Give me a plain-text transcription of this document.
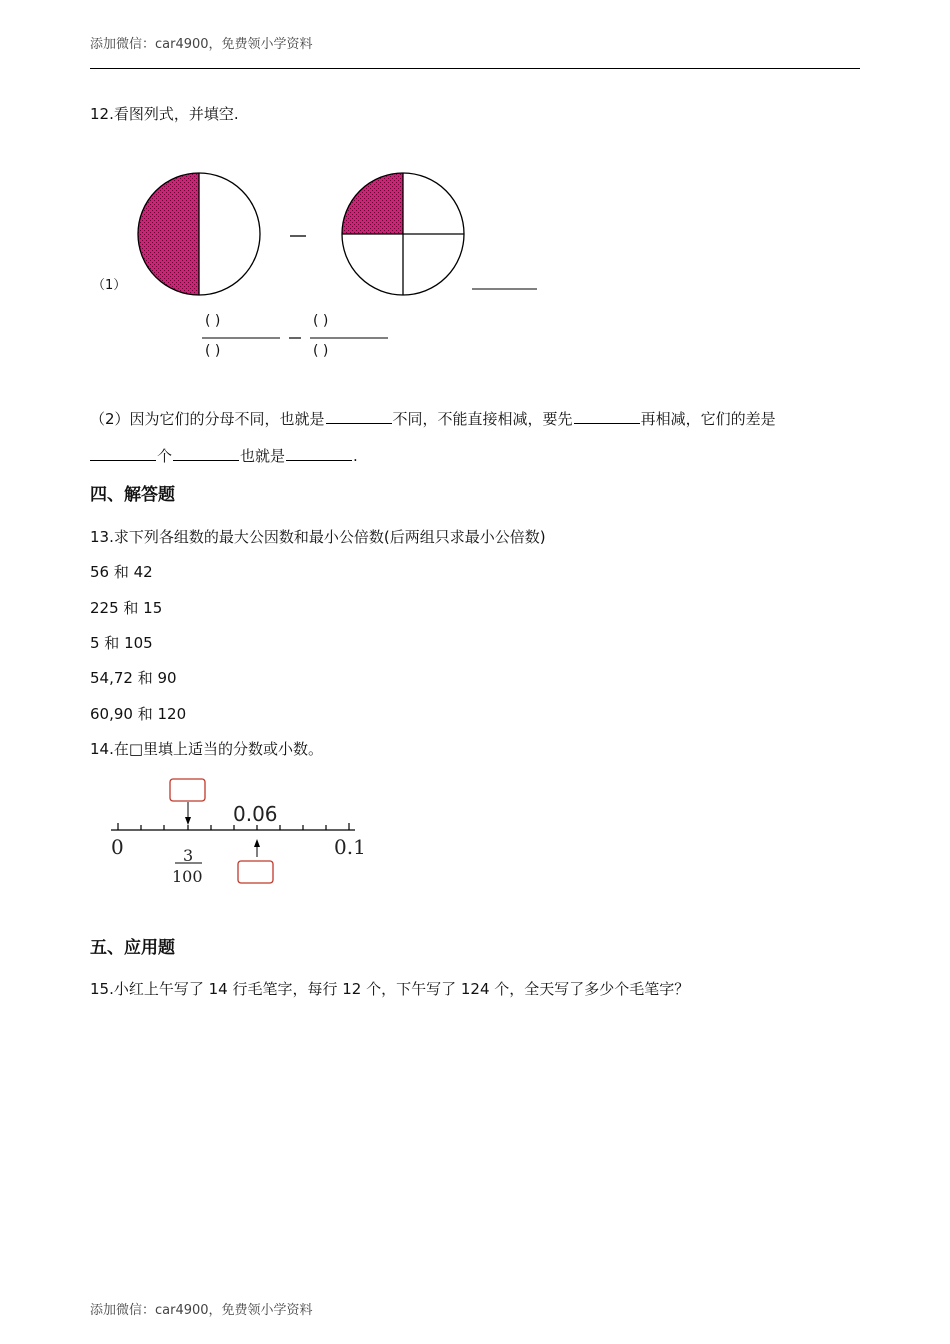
添加微信：car4900，免费领小学资料
12.看图列式，并填空.
（1）
( )
( )
( )
( )
（2）因为它们的分母不同，也就是	不同，不能直接相减，要先	再相减，它们的差是
个	也就是	.
四、解答题
13.求下列各组数的最大公因数和最小公倍数(后两组只求最小公倍数)
56 和 42
225 和 15
5 和 105
54,72 和 90
60,90 和 120
14.在□里填上适当的分数或小数。
0	0.1
0.06
3
100
五、应用题
15.小红上午写了 14 行毛笔字，每行 12 个，下午写了 124 个，全天写了多少个毛笔字？
添加微信：car4900，免费领小学资料
